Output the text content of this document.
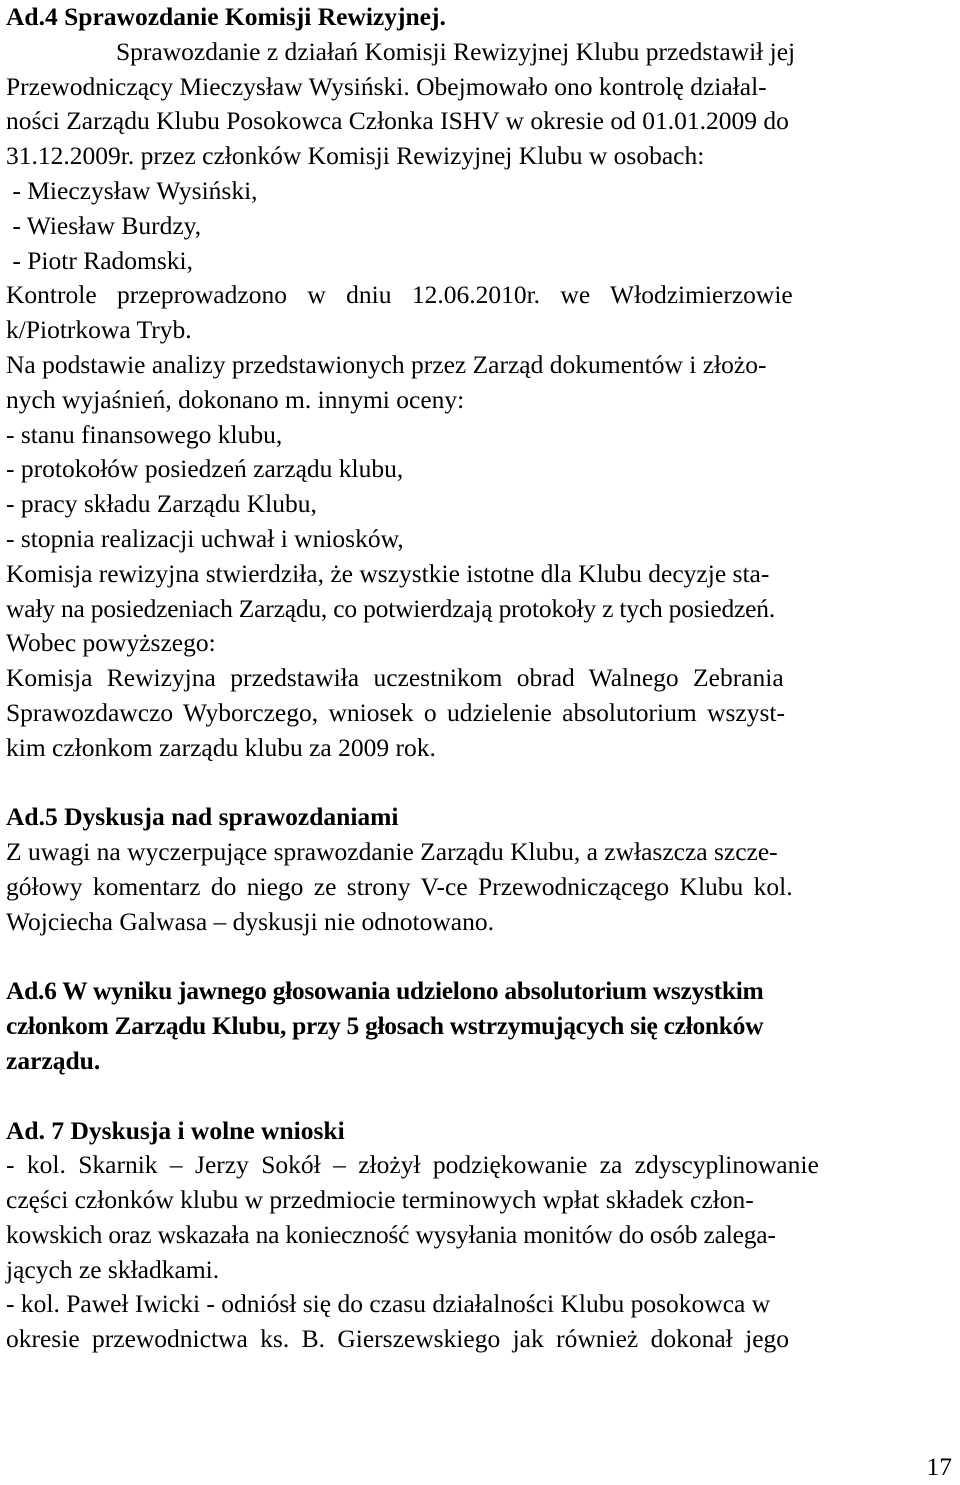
Ad.4 Sprawozdanie Komisji Rewizyjnej.
Sprawozdanie z działań Komisji Rewizyjnej Klubu przedstawił jej
Przewodniczący Mieczysław Wysiński. Obejmowało ono kontrolę działal-
ności Zarządu Klubu Posokowca Członka ISHV w okresie od 01.01.2009 do
31.12.2009r. przez członków Komisji Rewizyjnej Klubu w osobach:
- Mieczysław Wysiński,
- Wiesław Burdzy,
- Piotr Radomski,
Kontrole przeprowadzono w dniu 12.06.2010r. we Włodzimierzowie
k/Piotrkowa Tryb.
Na podstawie analizy przedstawionych przez Zarząd dokumentów i złożo-
nych wyjaśnień, dokonano m. innymi oceny:
- stanu finansowego klubu,
- protokołów posiedzeń zarządu klubu,
- pracy składu Zarządu Klubu,
- stopnia realizacji uchwał i wniosków,
Komisja rewizyjna stwierdziła, że wszystkie istotne dla Klubu decyzje sta-
wały na posiedzeniach Zarządu, co potwierdzają protokoły z tych posiedzeń.
Wobec powyższego:
Komisja Rewizyjna przedstawiła uczestnikom obrad Walnego Zebrania
Sprawozdawczo Wyborczego, wniosek o udzielenie absolutorium wszyst-
kim członkom zarządu klubu za 2009 rok.
Ad.5 Dyskusja nad sprawozdaniami
Z uwagi na wyczerpujące sprawozdanie Zarządu Klubu, a zwłaszcza szcze-
gółowy komentarz do niego ze strony V-ce Przewodniczącego Klubu kol.
Wojciecha Galwasa – dyskusji nie odnotowano.
Ad.6 W wyniku jawnego głosowania udzielono absolutorium wszystkim
członkom Zarządu Klubu, przy 5 głosach wstrzymujących się członków
zarządu.
Ad. 7 Dyskusja i wolne wnioski
- kol. Skarnik – Jerzy Sokół – złożył podziękowanie za zdyscyplinowanie
części członków klubu w przedmiocie terminowych wpłat składek człon-
kowskich oraz wskazała na konieczność wysyłania monitów do osób zalega-
jących ze składkami.
- kol. Paweł Iwicki - odniósł się do czasu działalności Klubu posokowca w
okresie przewodnictwa ks. B. Gierszewskiego jak również dokonał jego
17
